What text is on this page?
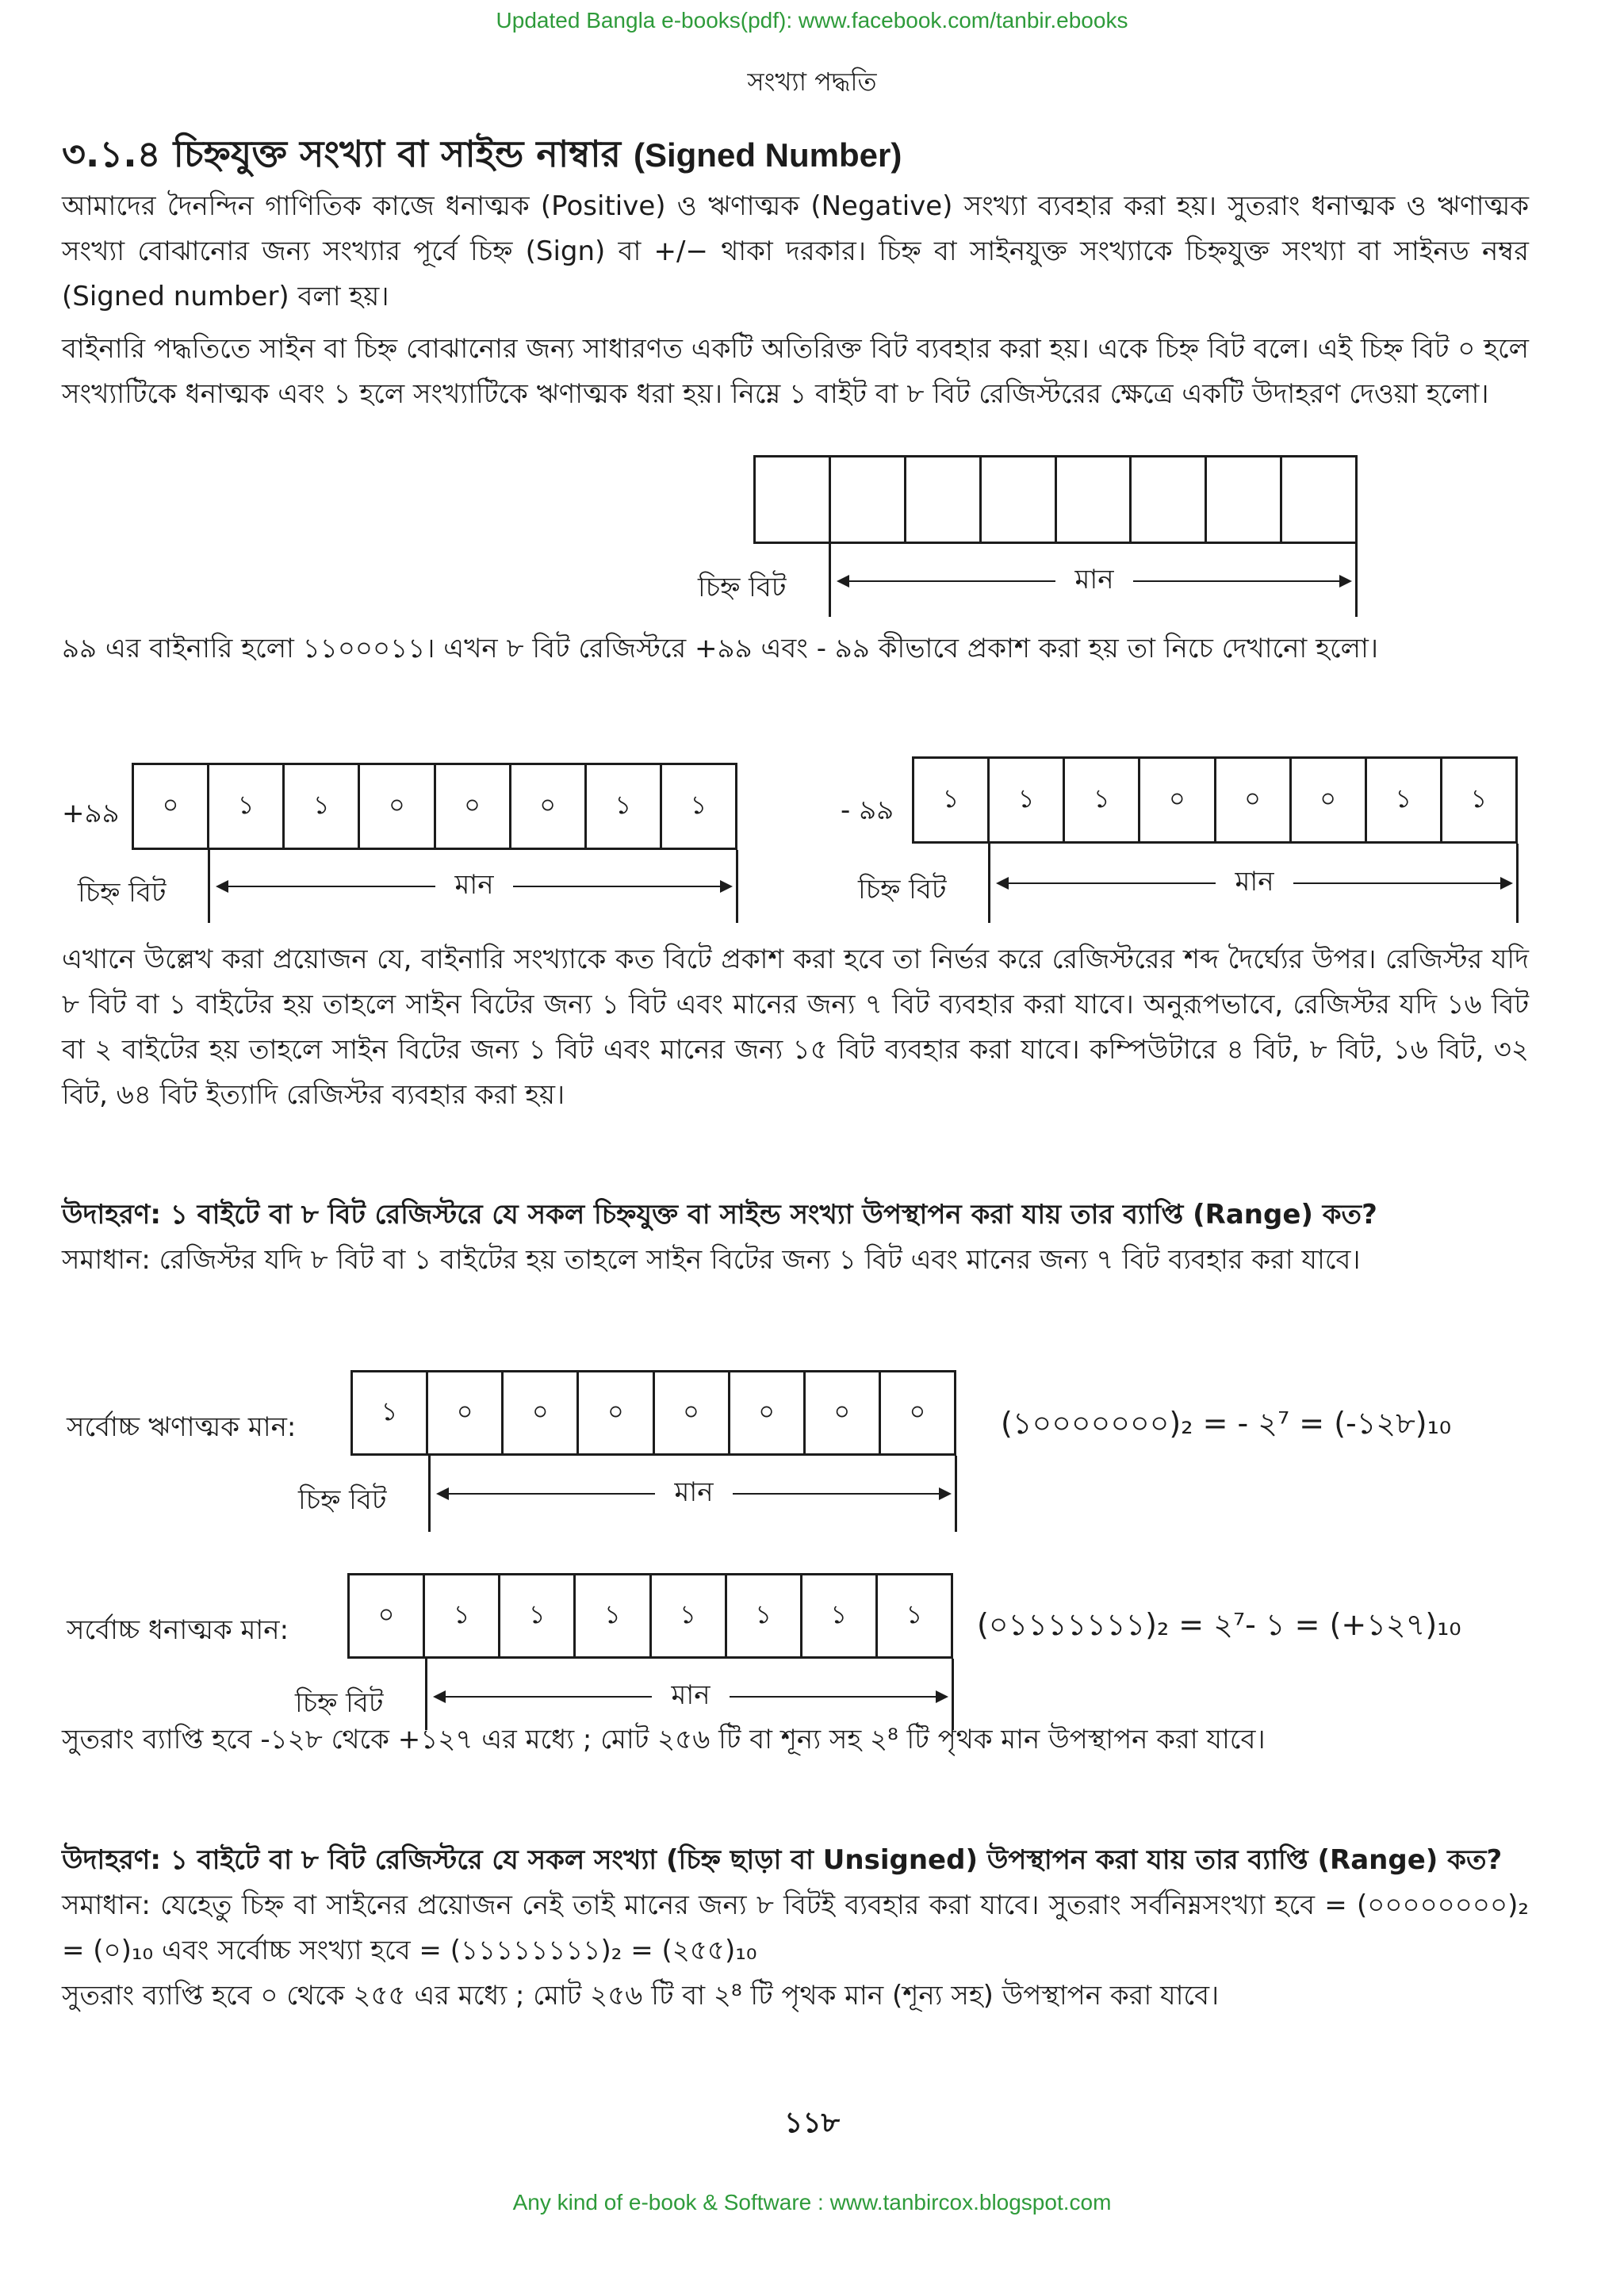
Updated Bangla e-books(pdf): www.facebook.com/tanbir.ebooks
সংখ্যা পদ্ধতি

৩.১.৪ চিহ্নযুক্ত সংখ্যা বা সাইন্ড নাম্বার (Signed Number)

আমাদের দৈনন্দিন গাণিতিক কাজে ধনাত্মক (Positive) ও ঋণাত্মক (Negative) সংখ্যা ব্যবহার করা হয়। সুতরাং ধনাত্মক ও ঋণাত্মক সংখ্যা বোঝানোর জন্য সংখ্যার পূর্বে চিহ্ন (Sign) বা +/− থাকা দরকার। চিহ্ন বা সাইনযুক্ত সংখ্যাকে চিহ্নযুক্ত সংখ্যা বা সাইনড নম্বর (Signed number) বলা হয়।

বাইনারি পদ্ধতিতে সাইন বা চিহ্ন বোঝানোর জন্য সাধারণত একটি অতিরিক্ত বিট ব্যবহার করা হয়। একে চিহ্ন বিট বলে। এই চিহ্ন বিট ০ হলে সংখ্যাটিকে ধনাত্মক এবং ১ হলে সংখ্যাটিকে ঋণাত্মক ধরা হয়। নিম্নে ১ বাইট বা ৮ বিট রেজিস্টরের ক্ষেত্রে একটি উদাহরণ দেওয়া হলো।

চিহ্ন বিট	মান

৯৯ এর বাইনারি হলো ১১০০০১১। এখন ৮ বিট রেজিস্টরে +৯৯ এবং - ৯৯ কীভাবে প্রকাশ করা হয় তা নিচে দেখানো হলো।

+৯৯	০	১	১	০	০	০	১	১
চিহ্ন বিট	মান
- ৯৯	১	১	১	০	০	০	১	১
চিহ্ন বিট	মান

এখানে উল্লেখ করা প্রয়োজন যে, বাইনারি সংখ্যাকে কত বিটে প্রকাশ করা হবে তা নির্ভর করে রেজিস্টরের শব্দ দৈর্ঘ্যের উপর। রেজিস্টর যদি ৮ বিট বা ১ বাইটের হয় তাহলে সাইন বিটের জন্য ১ বিট এবং মানের জন্য ৭ বিট ব্যবহার করা যাবে। অনুরূপভাবে, রেজিস্টর যদি ১৬ বিট বা ২ বাইটের হয় তাহলে সাইন বিটের জন্য ১ বিট এবং মানের জন্য ১৫ বিট ব্যবহার করা যাবে। কম্পিউটারে ৪ বিট, ৮ বিট, ১৬ বিট, ৩২ বিট, ৬৪ বিট ইত্যাদি রেজিস্টর ব্যবহার করা হয়।

উদাহরণ: ১ বাইটে বা ৮ বিট রেজিস্টরে যে সকল চিহ্নযুক্ত বা সাইন্ড সংখ্যা উপস্থাপন করা যায় তার ব্যাপ্তি (Range) কত?

সমাধান: রেজিস্টর যদি ৮ বিট বা ১ বাইটের হয় তাহলে সাইন বিটের জন্য ১ বিট এবং মানের জন্য ৭ বিট ব্যবহার করা যাবে।

সর্বোচ্চ ঋণাত্মক মান:	১	০	০	০	০	০	০	০	(১০০০০০০০)₂ = - ২⁷ = (-১২৮)₁₀
চিহ্ন বিট	মান
সর্বোচ্চ ধনাত্মক মান:	০	১	১	১	১	১	১	১	(০১১১১১১১)₂ = ২⁷- ১ = (+১২৭)₁₀
চিহ্ন বিট	মান

সুতরাং ব্যাপ্তি হবে -১২৮ থেকে +১২৭ এর মধ্যে ; মোট ২৫৬ টি বা শূন্য সহ ২⁸ টি পৃথক মান উপস্থাপন করা যাবে।

উদাহরণ: ১ বাইটে বা ৮ বিট রেজিস্টরে যে সকল সংখ্যা (চিহ্ন ছাড়া বা Unsigned) উপস্থাপন করা যায় তার ব্যাপ্তি (Range) কত?

সমাধান: যেহেতু চিহ্ন বা সাইনের প্রয়োজন নেই তাই মানের জন্য ৮ বিটই ব্যবহার করা যাবে। সুতরাং সর্বনিম্নসংখ্যা হবে = (০০০০০০০০)₂ = (০)₁₀ এবং সর্বোচ্চ সংখ্যা হবে = (১১১১১১১১)₂ = (২৫৫)₁₀

সুতরাং ব্যাপ্তি হবে ০ থেকে ২৫৫ এর মধ্যে ; মোট ২৫৬ টি বা ২⁸ টি পৃথক মান (শূন্য সহ) উপস্থাপন করা যাবে।

১১৮
Any kind of e-book & Software : www.tanbircox.blogspot.com
